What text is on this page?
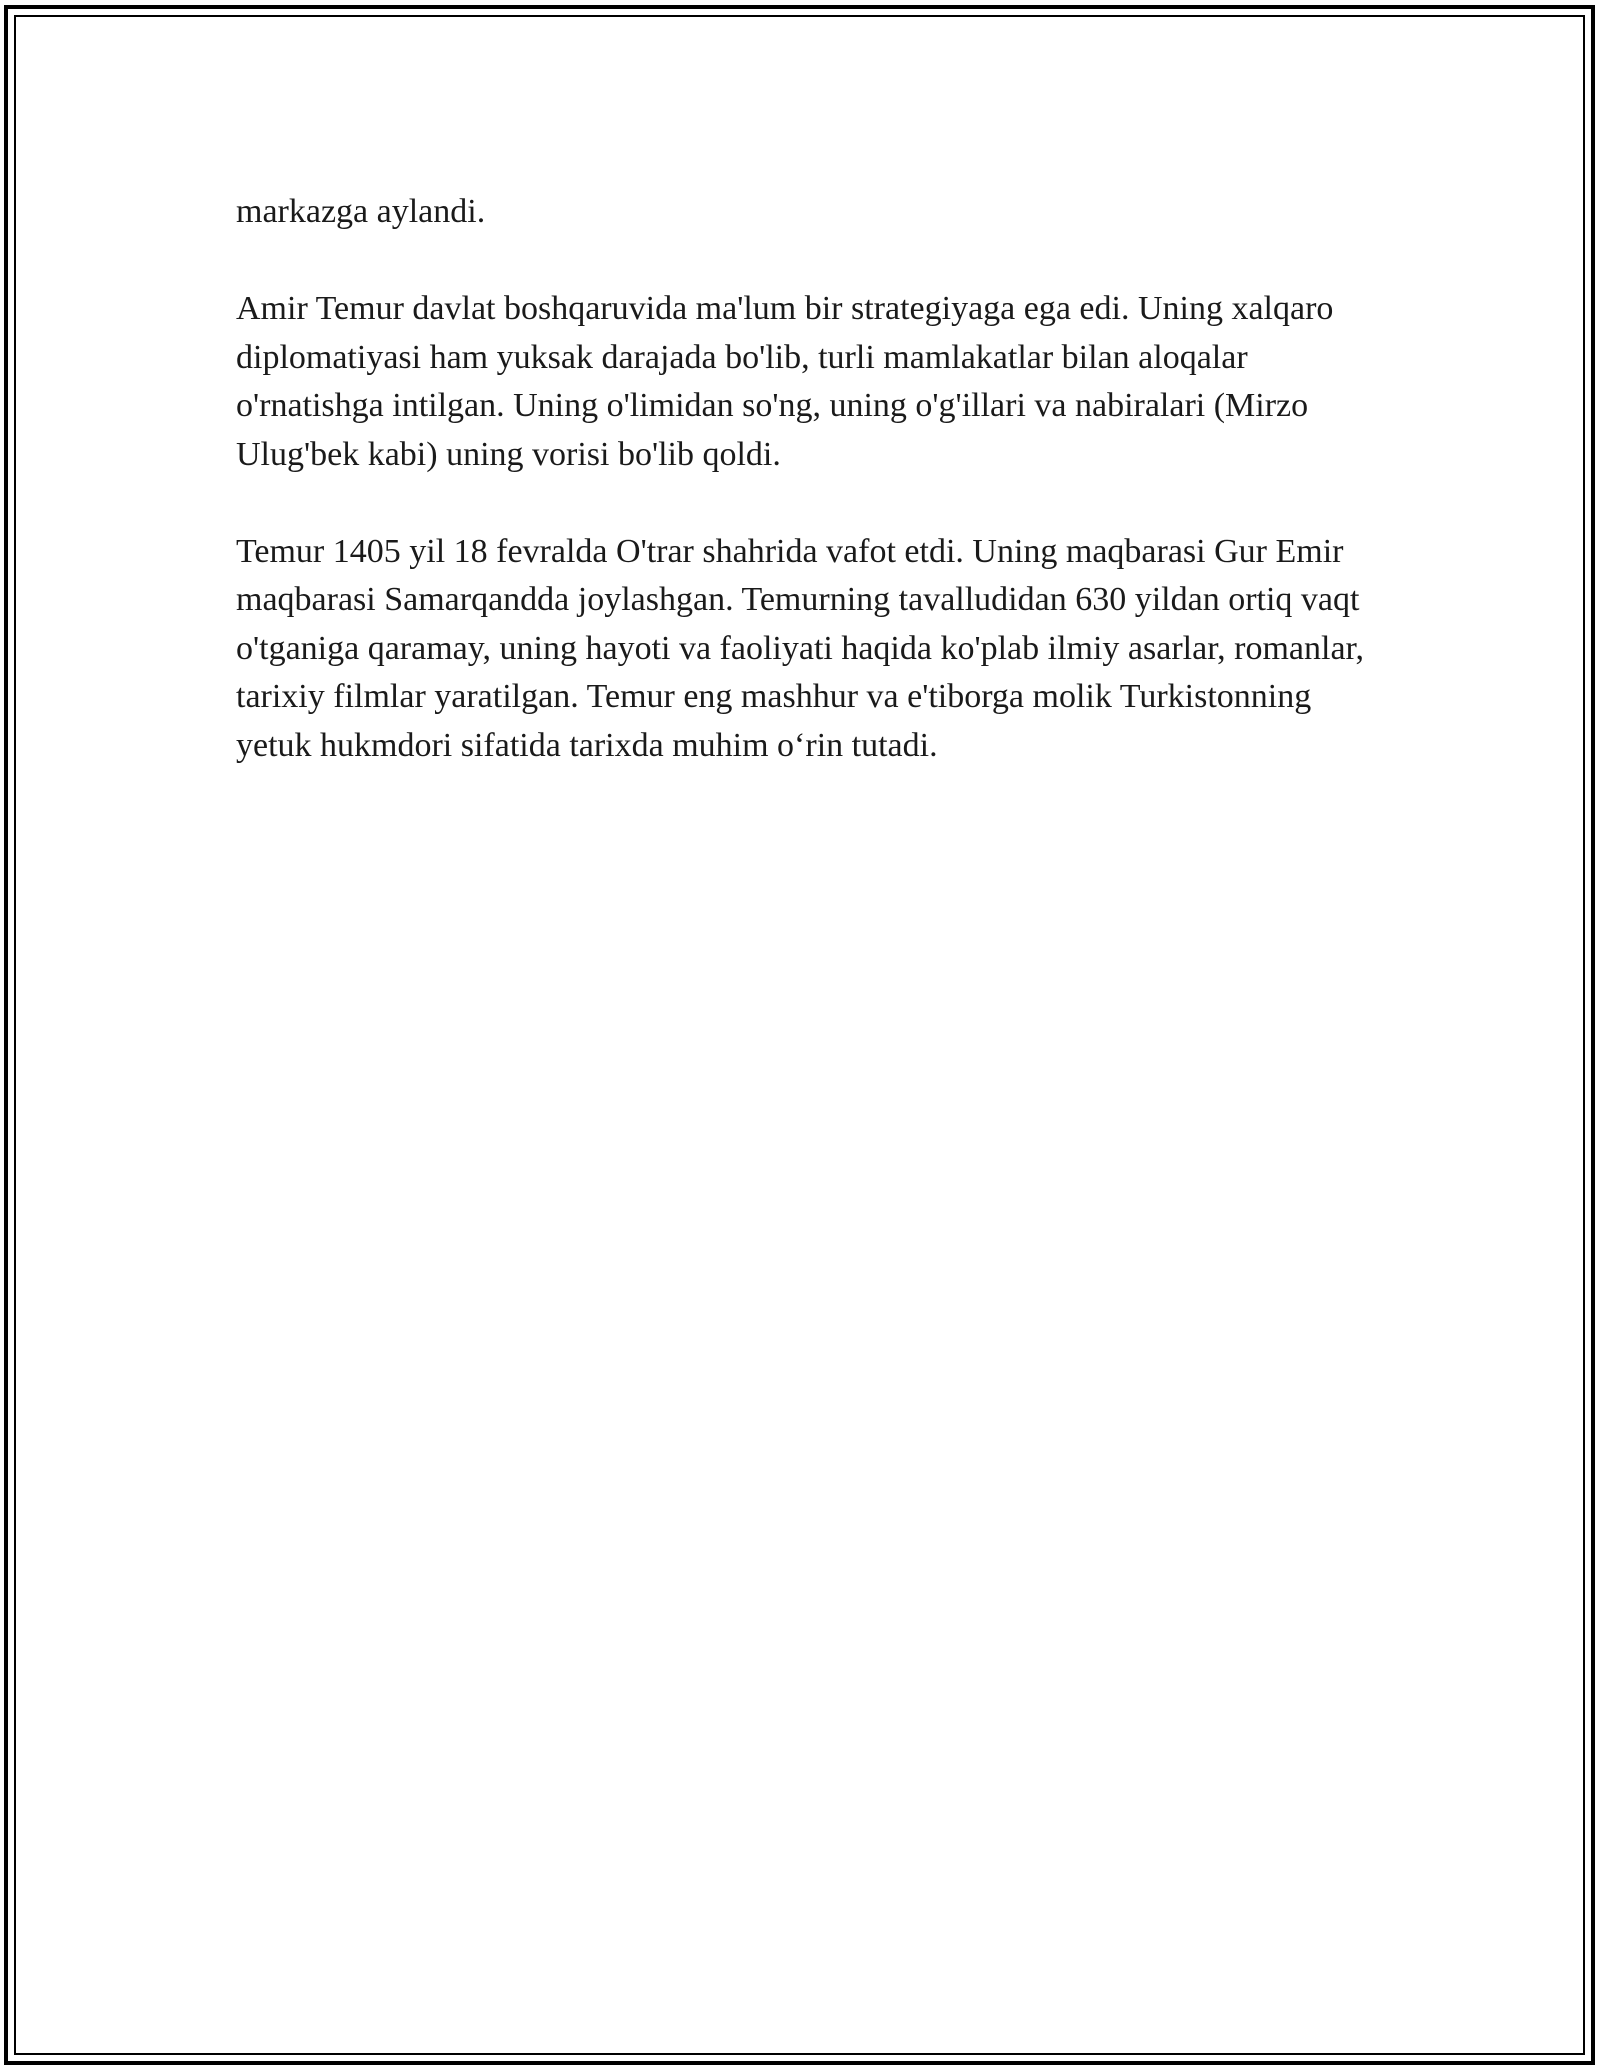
markazga aylandi.

Amir Temur davlat boshqaruvida ma'lum bir strategiyaga ega edi. Uning xalqaro diplomatiyasi ham yuksak darajada bo'lib, turli mamlakatlar bilan aloqalar o'rnatishga intilgan. Uning o'limidan so'ng, uning o'g'illari va nabiralari (Mirzo Ulug'bek kabi) uning vorisi bo'lib qoldi.

Temur 1405 yil 18 fevralda O'trar shahrida vafot etdi. Uning maqbarasi Gur Emir maqbarasi Samarqandda joylashgan. Temurning tavalludidan 630 yildan ortiq vaqt o'tganiga qaramay, uning hayoti va faoliyati haqida ko'plab ilmiy asarlar, romanlar, tarixiy filmlar yaratilgan. Temur eng mashhur va e'tiborga molik Turkistonning yetuk hukmdori sifatida tarixda muhim o‘rin tutadi.
